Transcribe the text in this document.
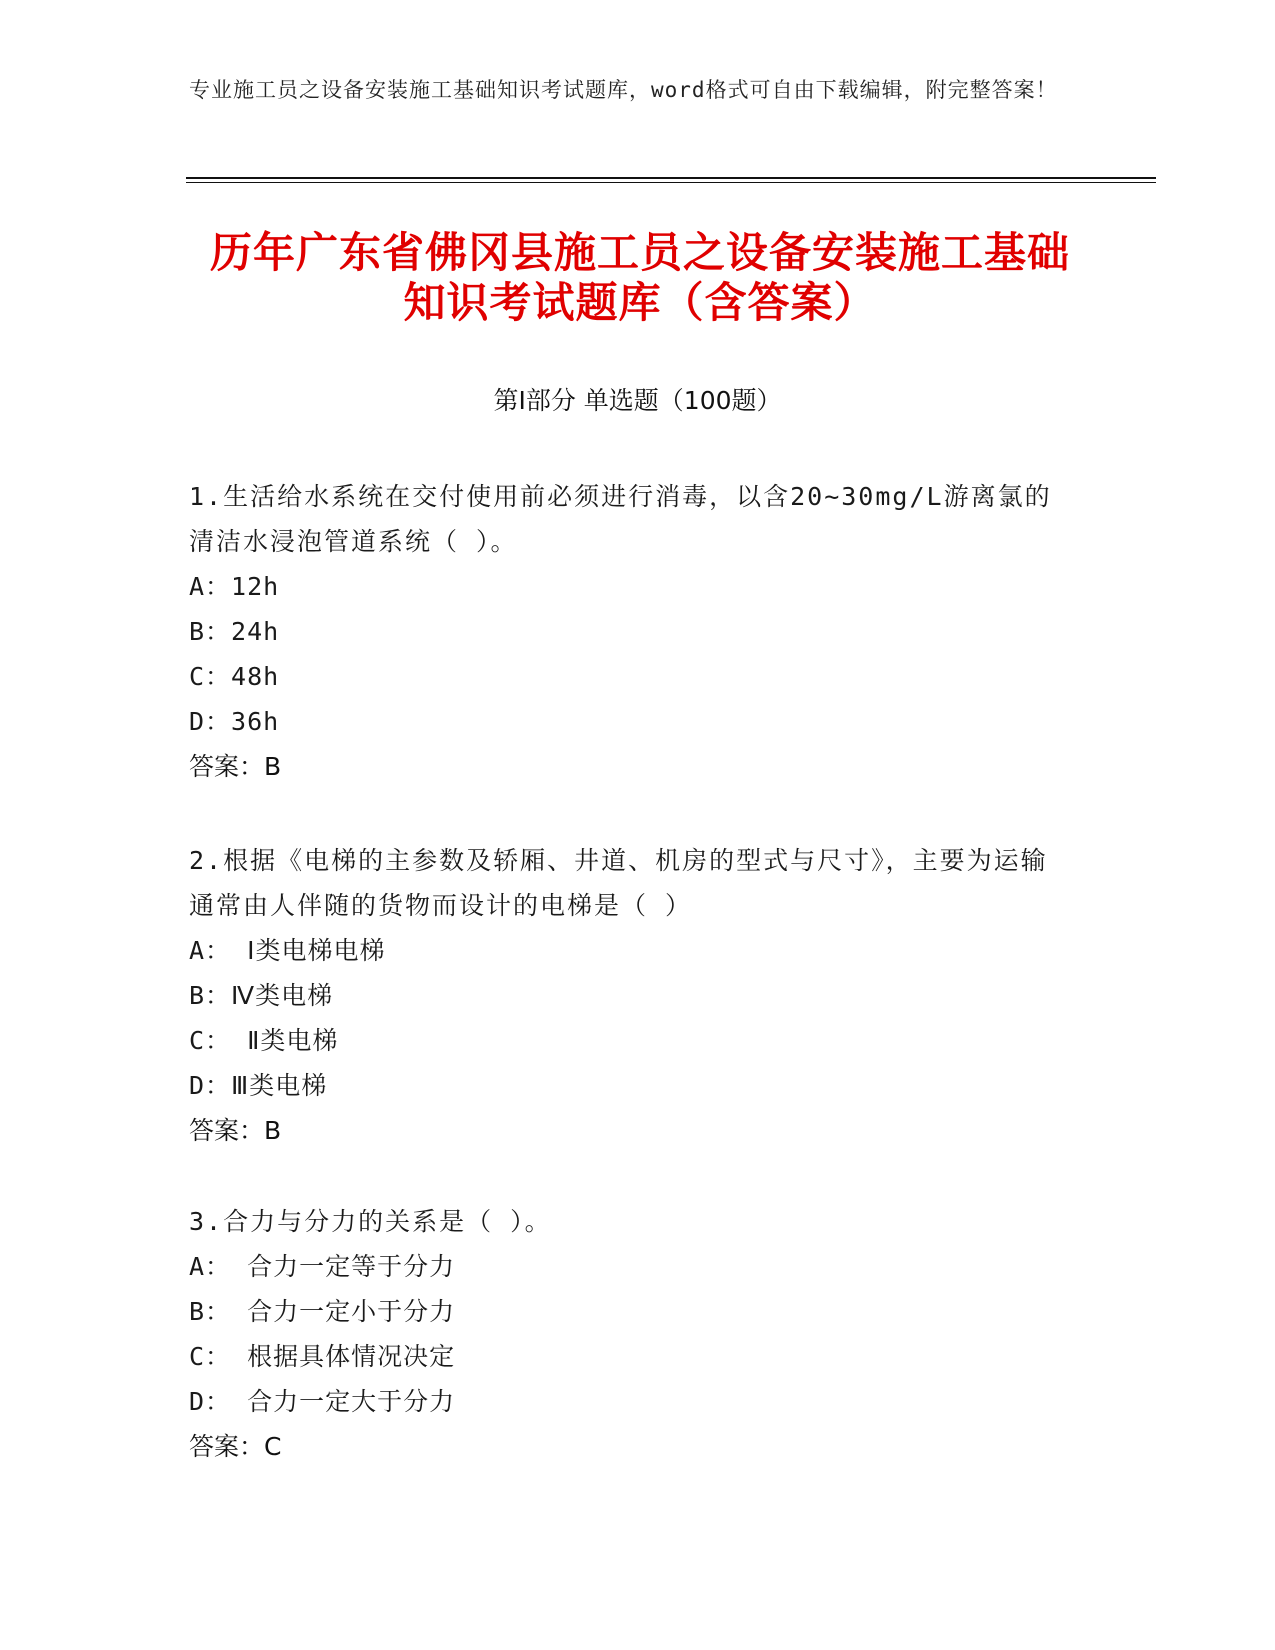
专业施工员之设备安装施工基础知识考试题库，word格式可自由下载编辑，附完整答案！
历年广东省佛冈县施工员之设备安装施工基础知识考试题库（含答案）
第Ⅰ部分 单选题（100题）
1.生活给水系统在交付使用前必须进行消毒，以含20~30mg/L游离氯的清洁水浸泡管道系统（ ）。
A：12h
B：24h
C：48h
D：36h
答案：B
2.根据《电梯的主参数及轿厢、井道、机房的型式与尺寸》，主要为运输通常由人伴随的货物而设计的电梯是（ ）
A： Ⅰ类电梯电梯
B：Ⅳ类电梯
C： Ⅱ类电梯
D：Ⅲ类电梯
答案：B
3.合力与分力的关系是（ ）。
A： 合力一定等于分力
B： 合力一定小于分力
C： 根据具体情况决定
D： 合力一定大于分力
答案：C
